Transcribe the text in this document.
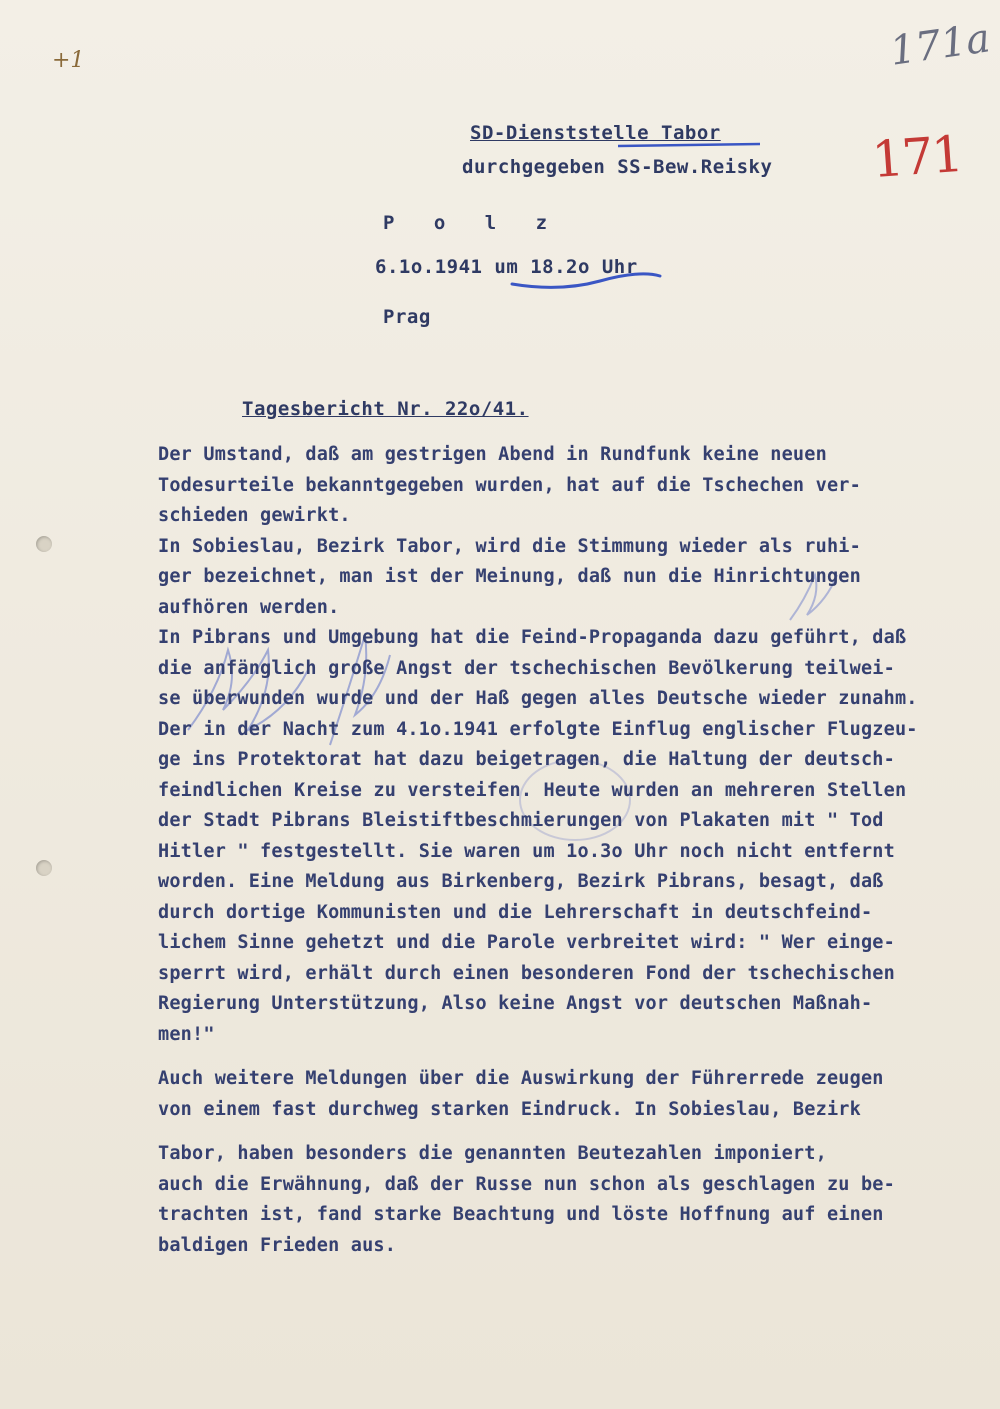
171a
+1
171
SD-Dienststelle Tabor
durchgegeben SS-Bew.Reisky
P o l z
6.1o.1941 um 18.2o Uhr
Prag
Tagesbericht Nr. 22o/41.
Der Umstand, daß am gestrigen Abend in Rundfunk keine neuen
Todesurteile bekanntgegeben wurden, hat auf die Tschechen ver-
schieden gewirkt.
In Sobieslau, Bezirk Tabor, wird die Stimmung wieder als ruhi-
ger bezeichnet, man ist der Meinung, daß nun die Hinrichtungen
aufhören werden.
In Pibrans und Umgebung hat die Feind-Propaganda dazu geführt, daß
die anfänglich große Angst der tschechischen Bevölkerung teilwei-
se überwunden wurde und der Haß gegen alles Deutsche wieder zunahm.
Der in der Nacht zum 4.1o.1941 erfolgte Einflug englischer Flugzeu-
ge ins Protektorat hat dazu beigetragen, die Haltung der deutsch-
feindlichen Kreise zu versteifen. Heute wurden an mehreren Stellen
der Stadt Pibrans Bleistiftbeschmierungen von Plakaten mit " Tod
Hitler " festgestellt. Sie waren um 1o.3o Uhr noch nicht entfernt
worden. Eine Meldung aus Birkenberg, Bezirk Pibrans, besagt, daß
durch dortige Kommunisten und die Lehrerschaft in deutschfeind-
lichem Sinne gehetzt und die Parole verbreitet wird: " Wer einge-
sperrt wird, erhält durch einen besonderen Fond der tschechischen
Regierung Unterstützung, Also keine Angst vor deutschen Maßnah-
men!"
Auch weitere Meldungen über die Auswirkung der Führerrede zeugen
von einem fast durchweg starken Eindruck. In Sobieslau, Bezirk
Tabor, haben besonders die genannten Beutezahlen imponiert,
auch die Erwähnung, daß der Russe nun schon als geschlagen zu be-
trachten ist, fand starke Beachtung und löste Hoffnung auf einen
baldigen Frieden aus.
